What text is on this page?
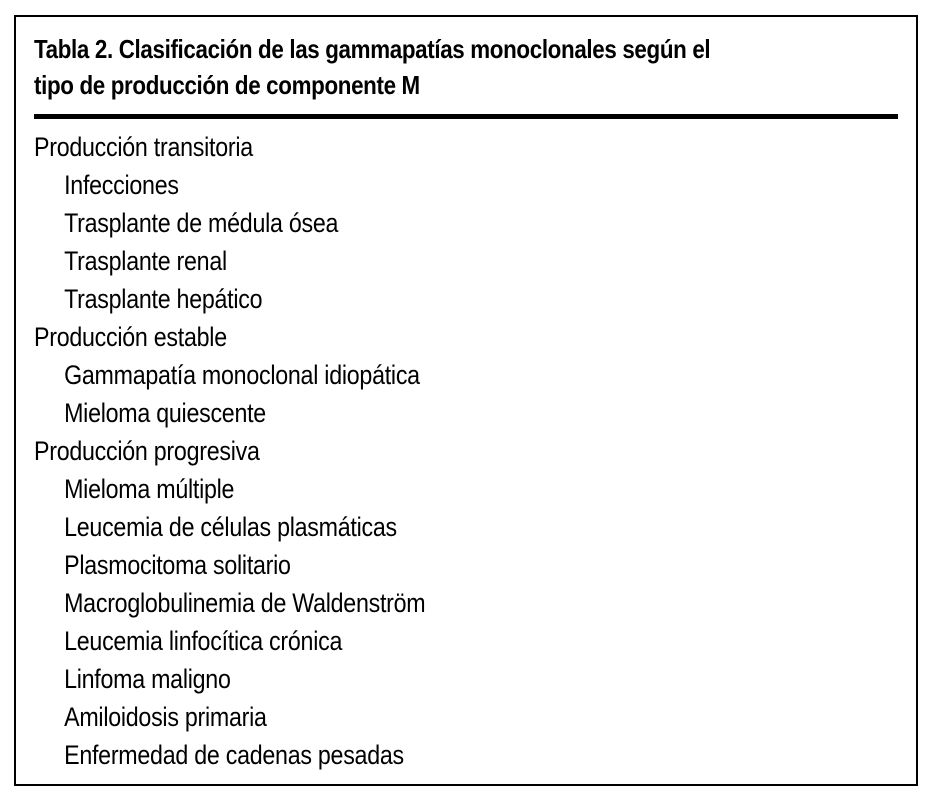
Tabla 2. Clasificación de las gammapatías monoclonales según el
tipo de producción de componente M
Producción transitoria
Infecciones
Trasplante de médula ósea
Trasplante renal
Trasplante hepático
Producción estable
Gammapatía monoclonal idiopática
Mieloma quiescente
Producción progresiva
Mieloma múltiple
Leucemia de células plasmáticas
Plasmocitoma solitario
Macroglobulinemia de Waldenström
Leucemia linfocítica crónica
Linfoma maligno
Amiloidosis primaria
Enfermedad de cadenas pesadas
